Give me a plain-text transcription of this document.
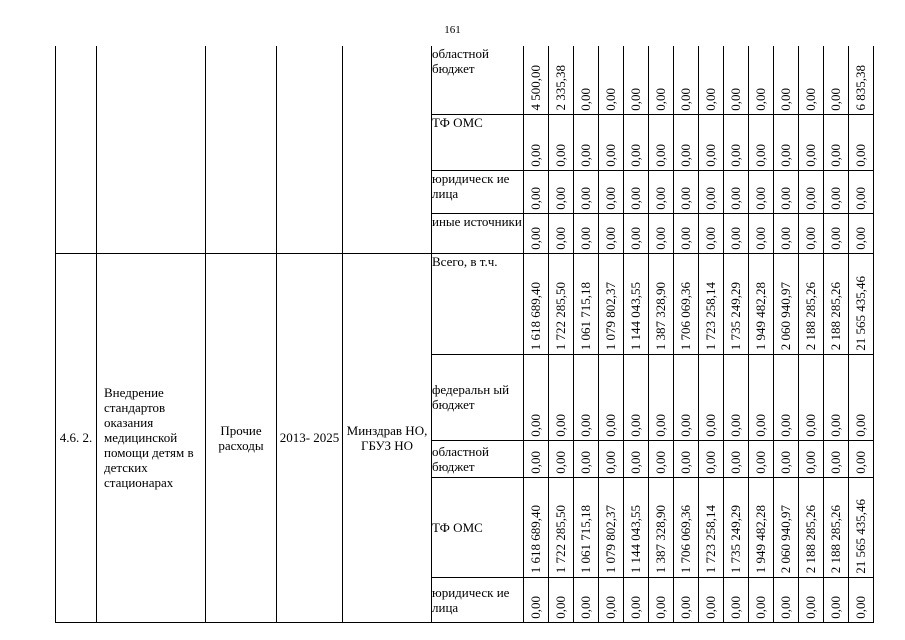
161
					областной бюджет	4 500,00	2 335,38	0,00	0,00	0,00	0,00	0,00	0,00	0,00	0,00	0,00	0,00	0,00	6 835,38

					ТФ ОМС	0,00	0,00	0,00	0,00	0,00	0,00	0,00	0,00	0,00	0,00	0,00	0,00	0,00	0,00

					юридическ ие лица	0,00	0,00	0,00	0,00	0,00	0,00	0,00	0,00	0,00	0,00	0,00	0,00	0,00	0,00

					иные источники	0,00	0,00	0,00	0,00	0,00	0,00	0,00	0,00	0,00	0,00	0,00	0,00	0,00	0,00

4.6. 2.	Внедрение стандартов оказания медицинской помощи детям в детских стационарах	Прочие расходы	2013- 2025	Минздрав НО, ГБУЗ НО	Всего, в т.ч.	1 618 689,40	1 722 285,50	1 061 715,18	1 079 802,37	1 144 043,55	1 387 328,90	1 706 069,36	1 723 258,14	1 735 249,29	1 949 482,28	2 060 940,97	2 188 285,26	2 188 285,26	21 565 435,46

					федеральн ый бюджет	0,00	0,00	0,00	0,00	0,00	0,00	0,00	0,00	0,00	0,00	0,00	0,00	0,00	0,00

					областной бюджет	0,00	0,00	0,00	0,00	0,00	0,00	0,00	0,00	0,00	0,00	0,00	0,00	0,00	0,00

					ТФ ОМС	1 618 689,40	1 722 285,50	1 061 715,18	1 079 802,37	1 144 043,55	1 387 328,90	1 706 069,36	1 723 258,14	1 735 249,29	1 949 482,28	2 060 940,97	2 188 285,26	2 188 285,26	21 565 435,46

					юридическ ие лица	0,00	0,00	0,00	0,00	0,00	0,00	0,00	0,00	0,00	0,00	0,00	0,00	0,00	0,00
